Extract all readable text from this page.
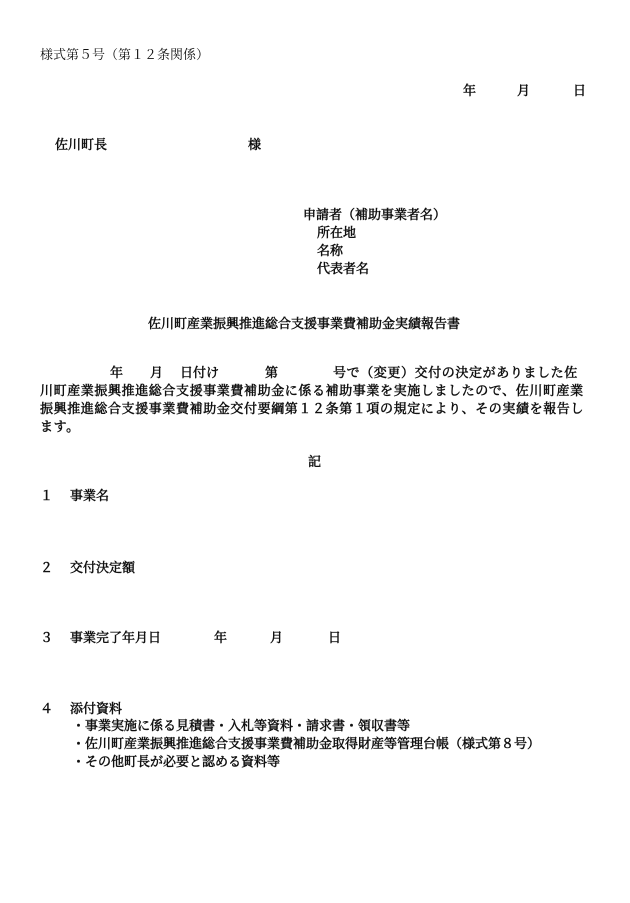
様式第５号（第１２条関係）
年	月	日
佐川町長	様
申請者（補助事業者名）
所在地
名称
代表者名
佐川町産業振興推進総合支援事業費補助金実績報告書
年 月 日付け	第	号で（変更）交付の決定がありました佐
川町産業振興推進総合支援事業費補助金に係る補助事業を実施しましたので、佐川町産業
振興推進総合支援事業費補助金交付要綱第１２条第１項の規定により、その実績を報告し
ます。
記
１ 事業名
２ 交付決定額
３ 事業完了年月日	年	月	日
４ 添付資料
・事業実施に係る見積書・入札等資料・請求書・領収書等
・佐川町産業振興推進総合支援事業費補助金取得財産等管理台帳（様式第８号）
・その他町長が必要と認める資料等
